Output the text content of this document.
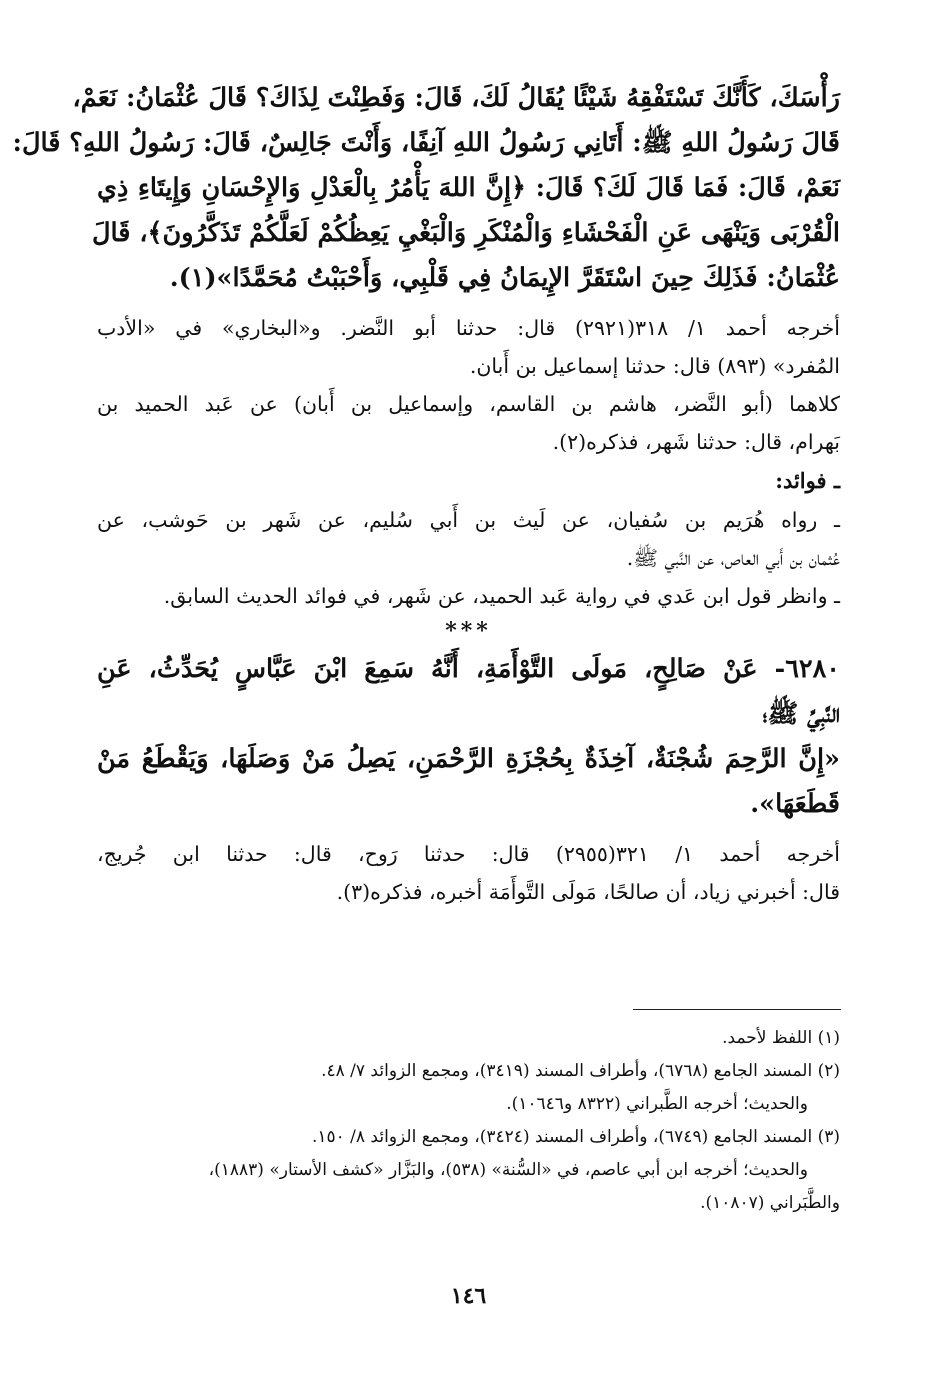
رَأْسَكَ، كَأَنَّكَ تَسْتَفْقِهُ شَيْئًا يُقَالُ لَكَ، قَالَ: وَفَطِنْتَ لِذَاكَ؟ قَالَ عُثْمَانُ: نَعَمْ،
قَالَ رَسُولُ اللهِ ﷺ: أَتَانِي رَسُولُ اللهِ آنِفًا، وَأَنْتَ جَالِسٌ، قَالَ: رَسُولُ اللهِ؟ قَالَ:
نَعَمْ، قَالَ: فَمَا قَالَ لَكَ؟ قَالَ: ﴿إِنَّ اللهَ يَأْمُرُ بِالْعَدْلِ وَالإِحْسَانِ وَإِيتَاءِ ذِي
الْقُرْبَى وَيَنْهَى عَنِ الْفَحْشَاءِ وَالْمُنْكَرِ وَالْبَغْيِ يَعِظُكُمْ لَعَلَّكُمْ تَذَكَّرُونَ﴾، قَالَ
عُثْمَانُ: فَذَلِكَ حِينَ اسْتَقَرَّ الإِيمَانُ فِي قَلْبِي، وَأَحْبَبْتُ مُحَمَّدًا»(١).
أخرجه أحمد ١/ ٣١٨(٢٩٢١) قال: حدثنا أبو النَّضر. و«البخاري» في «الأدب
المُفرد» (٨٩٣) قال: حدثنا إسماعيل بن أَبان.
كلاهما (أبو النَّضر، هاشم بن القاسم، وإسماعيل بن أَبان) عن عَبد الحميد بن
بَهرام، قال: حدثنا شَهر، فذكره(٢).
ـ فوائد:
ـ رواه هُرَيم بن سُفيان، عن لَيث بن أَبي سُليم، عن شَهر بن حَوشب، عن
عُثمان بن أَبي العاص، عن النَّبي ﷺ.
ـ وانظر قول ابن عَدي في رواية عَبد الحميد، عن شَهر، في فوائد الحديث السابق.
***
٦٢٨٠- عَنْ صَالِحٍ، مَولَى التَّوْأَمَةِ، أَنَّهُ سَمِعَ ابْنَ عَبَّاسٍ يُحَدِّثُ، عَنِ
النَّبِيِّ ﷺ؛
«إِنَّ الرَّحِمَ شُجْنَةٌ، آخِذَةٌ بِحُجْزَةِ الرَّحْمَنِ، يَصِلُ مَنْ وَصَلَهَا، وَيَقْطَعُ مَنْ
قَطَعَهَا».
أخرجه أحمد ١/ ٣٢١(٢٩٥٥) قال: حدثنا رَوح، قال: حدثنا ابن جُريج،
قال: أخبرني زياد، أن صالحًا، مَولَى التَّوأَمَة أخبره، فذكره(٣).
(١) اللفظ لأحمد.
(٢) المسند الجامع (٦٧٦٨)، وأطراف المسند (٣٤١٩)، ومجمع الزوائد ٧/ ٤٨.
والحديث؛ أخرجه الطَّبراني (٨٣٢٢ و١٠٦٤٦).
(٣) المسند الجامع (٦٧٤٩)، وأطراف المسند (٣٤٢٤)، ومجمع الزوائد ٨/ ١٥٠.
والحديث؛ أخرجه ابن أبي عاصم، في «السُّنة» (٥٣٨)، والبَزَّار «كشف الأستار» (١٨٨٣)،
والطَّبَراني (١٠٨٠٧).
١٤٦
